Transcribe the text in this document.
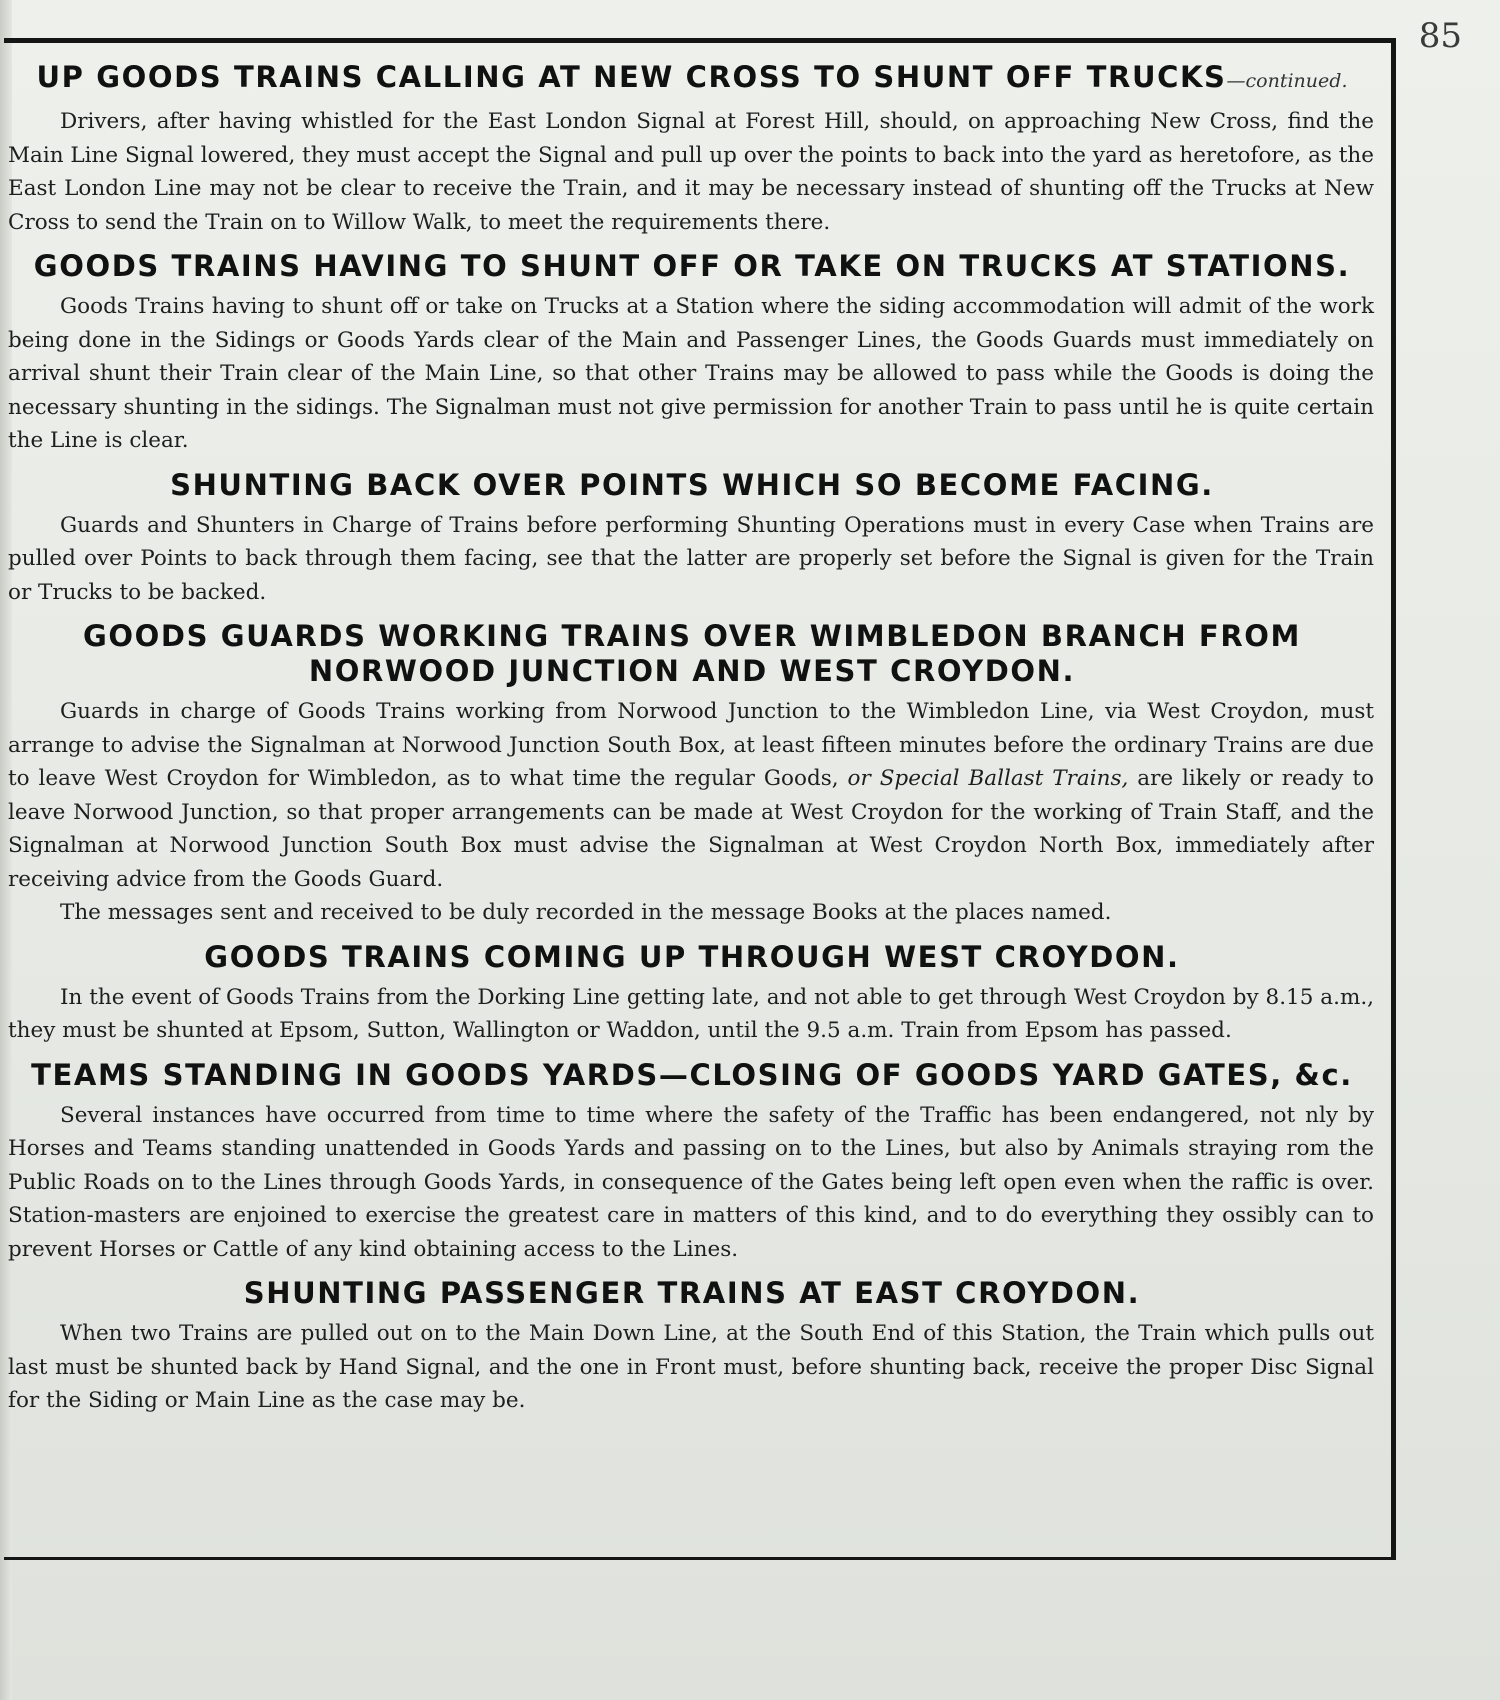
85
UP GOODS TRAINS CALLING AT NEW CROSS TO SHUNT OFF TRUCKS—continued.

Drivers, after having whistled for the East London Signal at Forest Hill, should, on approaching New Cross, find the Main Line Signal lowered, they must accept the Signal and pull up over the points to back into the yard as heretofore, as the East London Line may not be clear to receive the Train, and it may be necessary instead of shunting off the Trucks at New Cross to send the Train on to Willow Walk, to meet the requirements there.

GOODS TRAINS HAVING TO SHUNT OFF OR TAKE ON TRUCKS AT STATIONS.

Goods Trains having to shunt off or take on Trucks at a Station where the siding accommodation will admit of the work being done in the Sidings or Goods Yards clear of the Main and Passenger Lines, the Goods Guards must immediately on arrival shunt their Train clear of the Main Line, so that other Trains may be allowed to pass while the Goods is doing the necessary shunting in the sidings. The Signalman must not give permission for another Train to pass until he is quite certain the Line is clear.

SHUNTING BACK OVER POINTS WHICH SO BECOME FACING.

Guards and Shunters in Charge of Trains before performing Shunting Operations must in every Case when Trains are pulled over Points to back through them facing, see that the latter are properly set before the Signal is given for the Train or Trucks to be backed.

GOODS GUARDS WORKING TRAINS OVER WIMBLEDON BRANCH FROM NORWOOD JUNCTION AND WEST CROYDON.

Guards in charge of Goods Trains working from Norwood Junction to the Wimbledon Line, via West Croydon, must arrange to advise the Signalman at Norwood Junction South Box, at least fifteen minutes before the ordinary Trains are due to leave West Croydon for Wimbledon, as to what time the regular Goods, or Special Ballast Trains, are likely or ready to leave Norwood Junction, so that proper arrangements can be made at West Croydon for the working of Train Staff, and the Signalman at Norwood Junction South Box must advise the Signalman at West Croydon North Box, immediately after receiving advice from the Goods Guard.

The messages sent and received to be duly recorded in the message Books at the places named.

GOODS TRAINS COMING UP THROUGH WEST CROYDON.

In the event of Goods Trains from the Dorking Line getting late, and not able to get through West Croydon by 8.15 a.m., they must be shunted at Epsom, Sutton, Wallington or Waddon, until the 9.5 a.m. Train from Epsom has passed.

TEAMS STANDING IN GOODS YARDS—CLOSING OF GOODS YARD GATES, &c.

Several instances have occurred from time to time where the safety of the Traffic has been endangered, not nly by Horses and Teams standing unattended in Goods Yards and passing on to the Lines, but also by Animals straying rom the Public Roads on to the Lines through Goods Yards, in consequence of the Gates being left open even when the raffic is over. Station-masters are enjoined to exercise the greatest care in matters of this kind, and to do everything they ossibly can to prevent Horses or Cattle of any kind obtaining access to the Lines.

SHUNTING PASSENGER TRAINS AT EAST CROYDON.

When two Trains are pulled out on to the Main Down Line, at the South End of this Station, the Train which pulls out last must be shunted back by Hand Signal, and the one in Front must, before shunting back, receive the proper Disc Signal for the Siding or Main Line as the case may be.
